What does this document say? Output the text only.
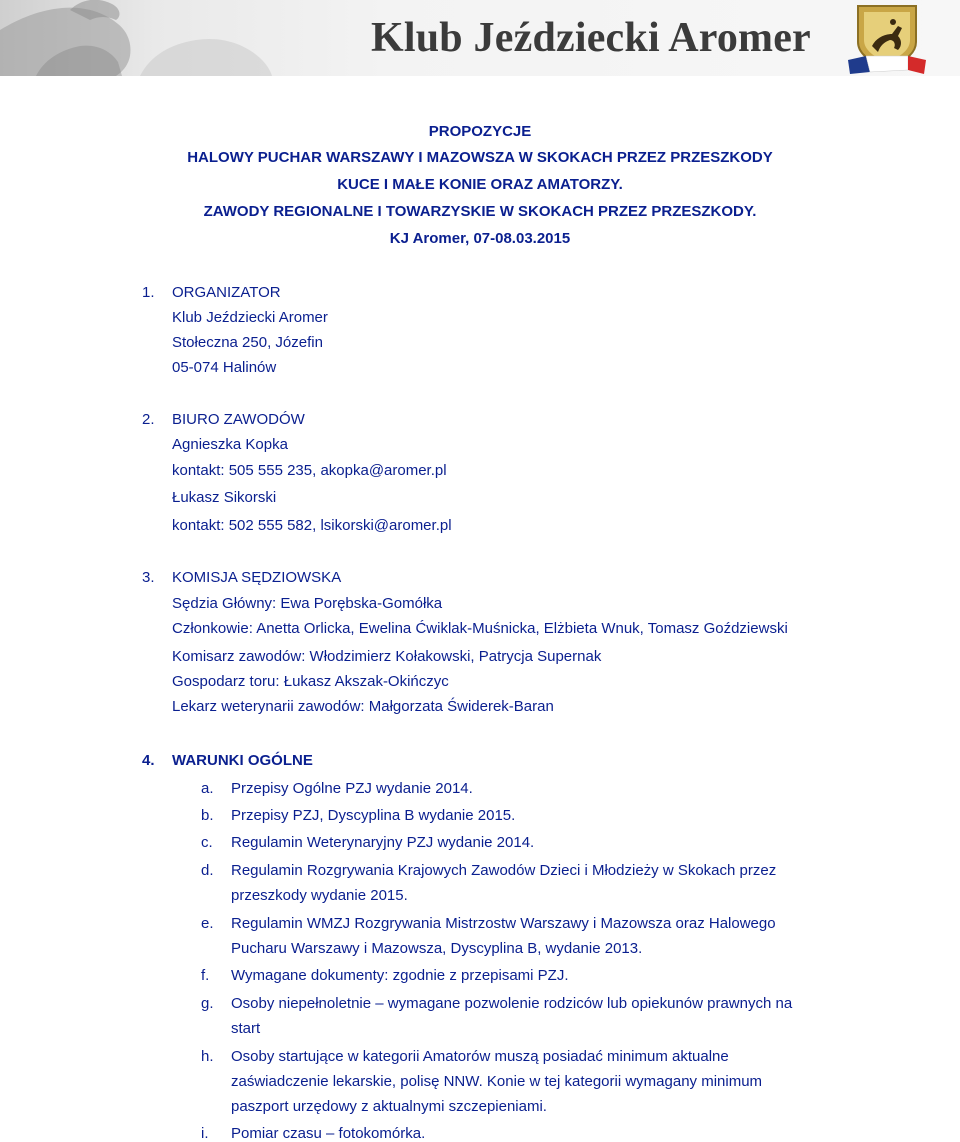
Klub Jeździecki Aromer
PROPOZYCJE
HALOWY PUCHAR WARSZAWY I MAZOWSZA W SKOKACH PRZEZ PRZESZKODY
KUCE I MAŁE KONIE ORAZ AMATORZY.
ZAWODY REGIONALNE I TOWARZYSKIE W SKOKACH PRZEZ PRZESZKODY.
KJ Aromer, 07-08.03.2015
1. ORGANIZATOR
Klub Jeździecki Aromer
Stołeczna 250, Józefin
05-074 Halinów
2. BIURO ZAWODÓW
Agnieszka Kopka
kontakt: 505 555 235, akopka@aromer.pl
Łukasz Sikorski
kontakt: 502 555 582, lsikorski@aromer.pl
3. KOMISJA SĘDZIOWSKA
Sędzia Główny: Ewa Porębska-Gomółka
Członkowie: Anetta Orlicka, Ewelina Ćwiklak-Muśnicka, Elżbieta Wnuk, Tomasz Goździewski
Komisarz zawodów: Włodzimierz Kołakowski, Patrycja Supernak
Gospodarz toru: Łukasz Akszak-Okińczyc
Lekarz weterynarii zawodów: Małgorzata Świderek-Baran
4. WARUNKI OGÓLNE
a. Przepisy Ogólne PZJ wydanie 2014.
b. Przepisy PZJ, Dyscyplina B wydanie 2015.
c. Regulamin Weterynaryjny PZJ wydanie 2014.
d. Regulamin Rozgrywania Krajowych Zawodów Dzieci i Młodzieży w Skokach przez
przeszkody wydanie 2015.
e. Regulamin WMZJ Rozgrywania Mistrzostw Warszawy i Mazowsza oraz Halowego
Pucharu Warszawy i Mazowsza, Dyscyplina B, wydanie 2013.
f. Wymagane dokumenty: zgodnie z przepisami PZJ.
g. Osoby niepełnoletnie – wymagane pozwolenie rodziców lub opiekunów prawnych na
start
h. Osoby startujące w kategorii Amatorów muszą posiadać minimum aktualne
zaświadczenie lekarskie, polisę NNW. Konie w tej kategorii wymagany minimum
paszport urzędowy z aktualnymi szczepieniami.
i. Pomiar czasu – fotokomórka.
